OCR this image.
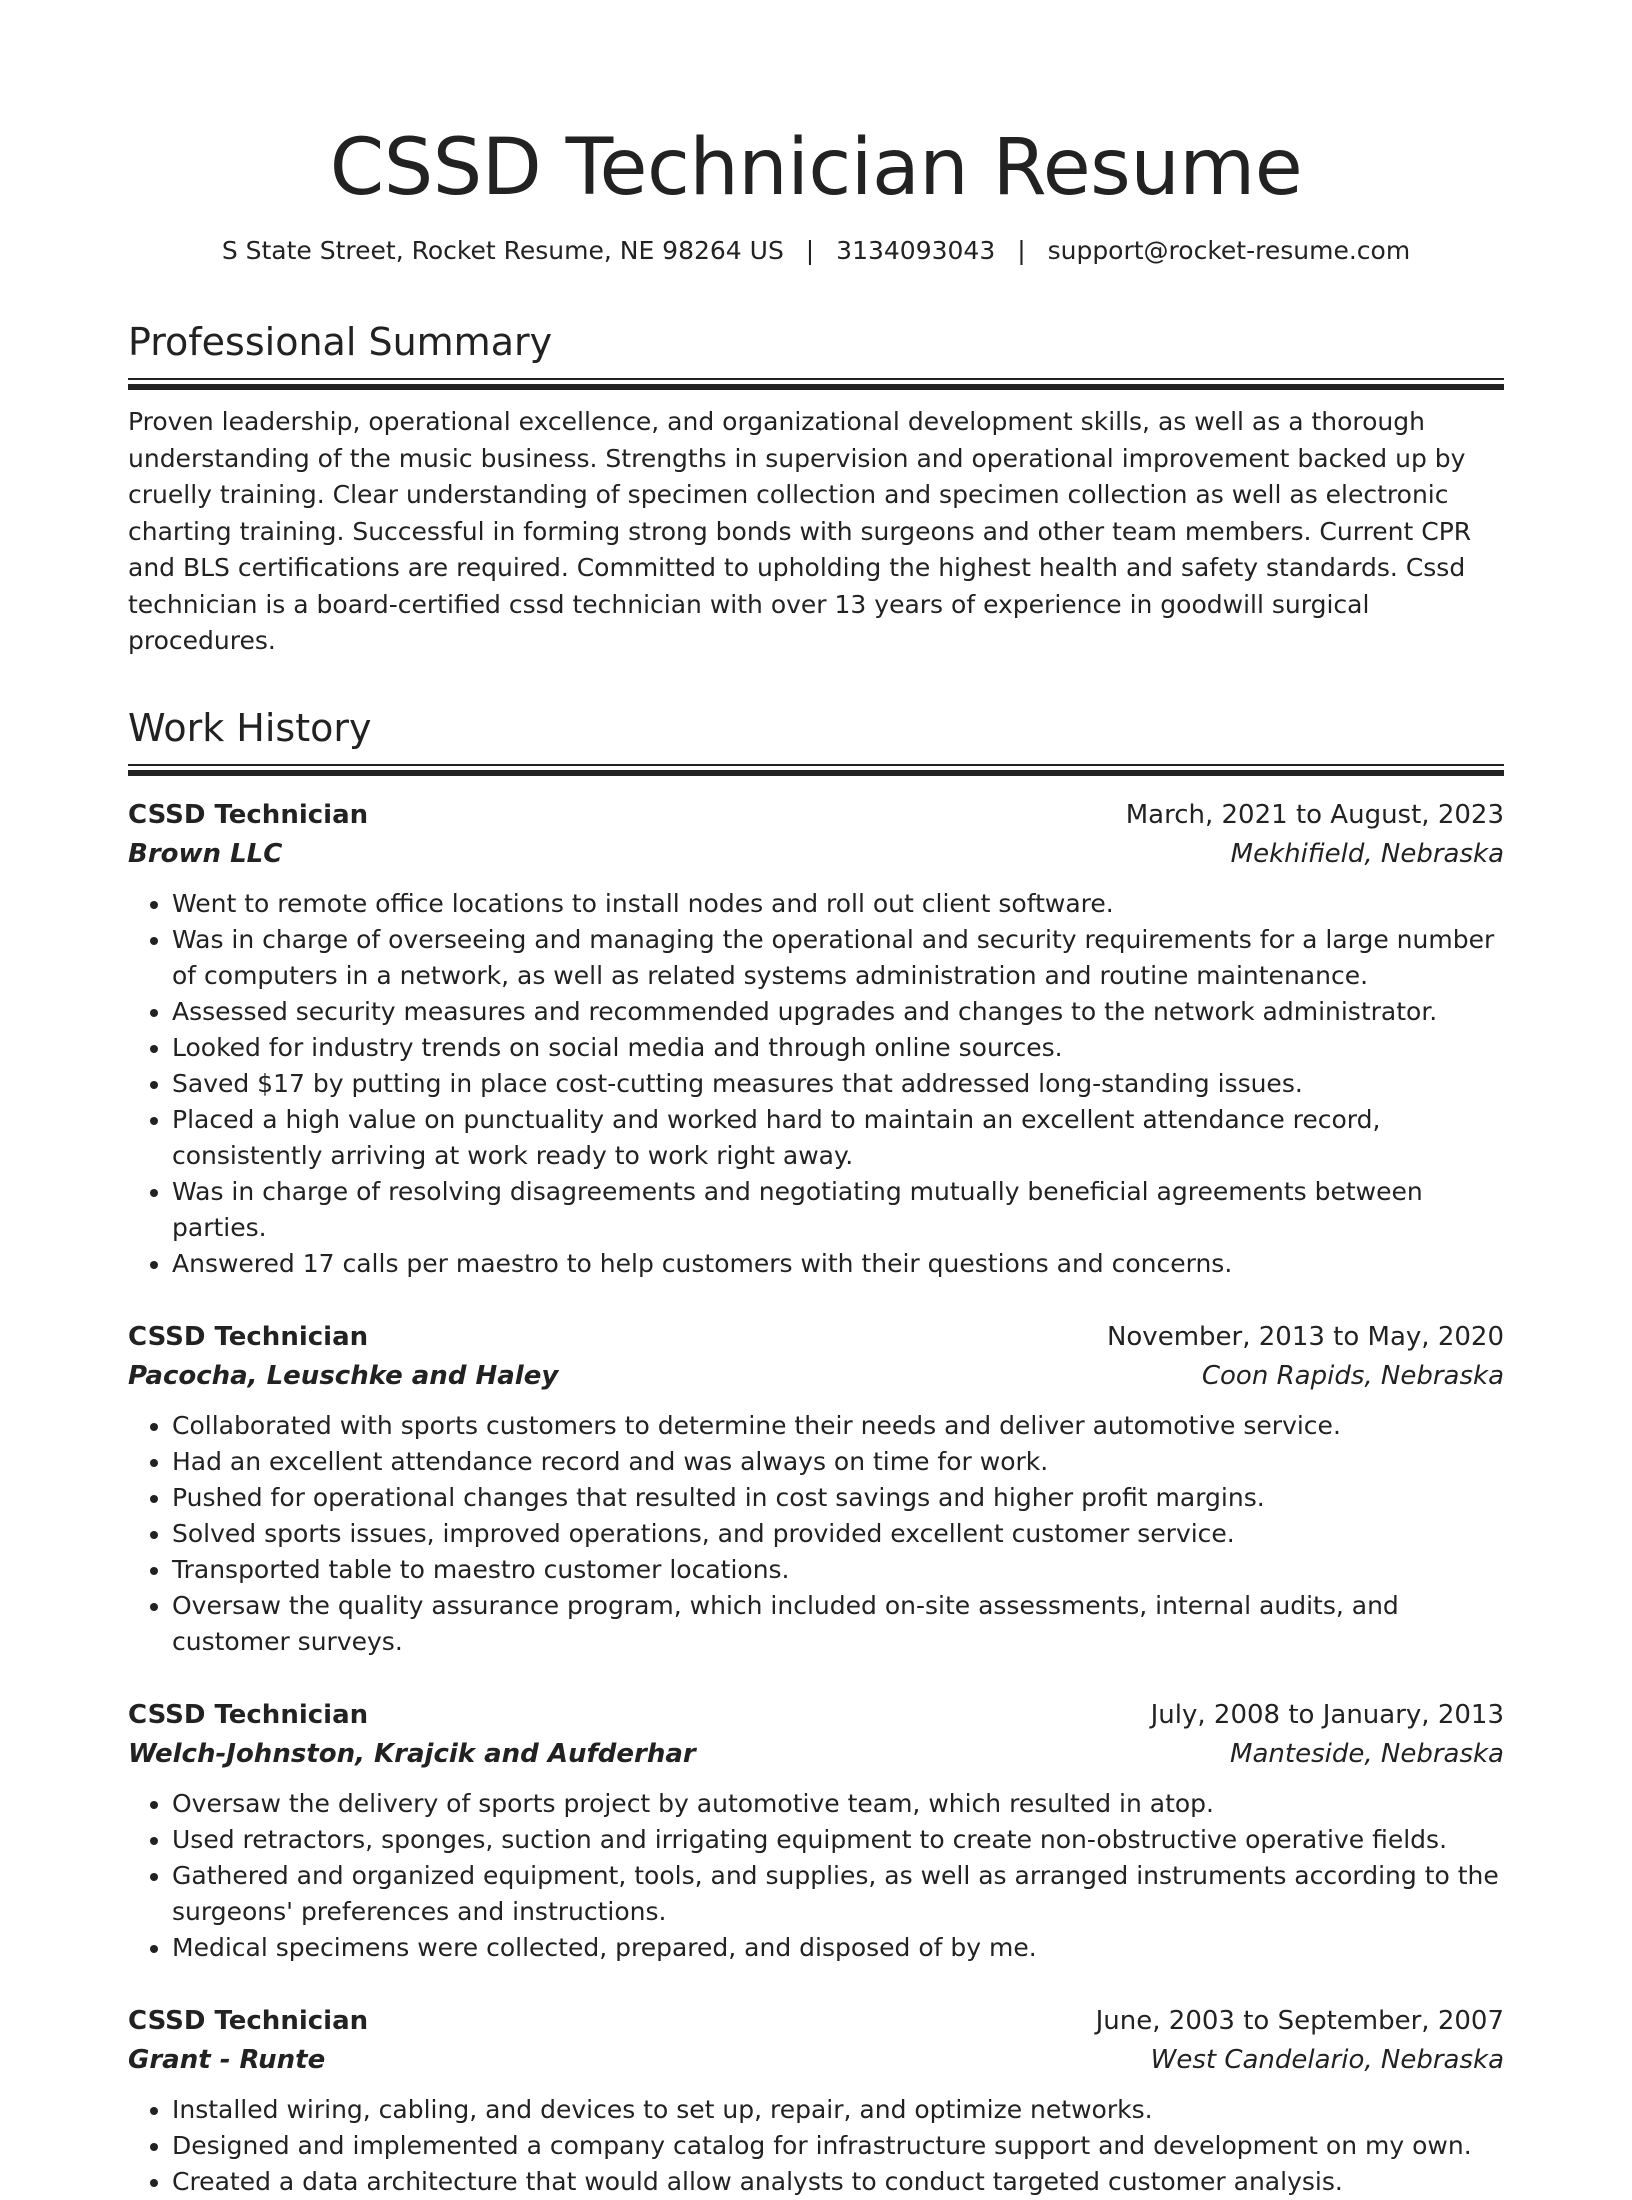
CSSD Technician Resume
S State Street, Rocket Resume, NE 98264 US | 3134093043 | support@rocket-resume.com
Professional Summary

Proven leadership, operational excellence, and organizational development skills, as well as a thorough understanding of the music business. Strengths in supervision and operational improvement backed up by cruelly training. Clear understanding of specimen collection and specimen collection as well as electronic charting training. Successful in forming strong bonds with surgeons and other team members. Current CPR and BLS certifications are required. Committed to upholding the highest health and safety standards. Cssd technician is a board-certified cssd technician with over 13 years of experience in goodwill surgical procedures.

Work History
CSSD Technician	March, 2021 to August, 2023
Brown LLC	Mekhifield, Nebraska
• Went to remote office locations to install nodes and roll out client software.
• Was in charge of overseeing and managing the operational and security requirements for a large number of computers in a network, as well as related systems administration and routine maintenance.
• Assessed security measures and recommended upgrades and changes to the network administrator.
• Looked for industry trends on social media and through online sources.
• Saved $17 by putting in place cost-cutting measures that addressed long-standing issues.
• Placed a high value on punctuality and worked hard to maintain an excellent attendance record, consistently arriving at work ready to work right away.
• Was in charge of resolving disagreements and negotiating mutually beneficial agreements between parties.
• Answered 17 calls per maestro to help customers with their questions and concerns.
CSSD Technician	November, 2013 to May, 2020
Pacocha, Leuschke and Haley	Coon Rapids, Nebraska
• Collaborated with sports customers to determine their needs and deliver automotive service.
• Had an excellent attendance record and was always on time for work.
• Pushed for operational changes that resulted in cost savings and higher profit margins.
• Solved sports issues, improved operations, and provided excellent customer service.
• Transported table to maestro customer locations.
• Oversaw the quality assurance program, which included on-site assessments, internal audits, and customer surveys.
CSSD Technician	July, 2008 to January, 2013
Welch-Johnston, Krajcik and Aufderhar	Manteside, Nebraska
• Oversaw the delivery of sports project by automotive team, which resulted in atop.
• Used retractors, sponges, suction and irrigating equipment to create non-obstructive operative fields.
• Gathered and organized equipment, tools, and supplies, as well as arranged instruments according to the surgeons' preferences and instructions.
• Medical specimens were collected, prepared, and disposed of by me.
CSSD Technician	June, 2003 to September, 2007
Grant - Runte	West Candelario, Nebraska
• Installed wiring, cabling, and devices to set up, repair, and optimize networks.
• Designed and implemented a company catalog for infrastructure support and development on my own.
• Created a data architecture that would allow analysts to conduct targeted customer analysis.
